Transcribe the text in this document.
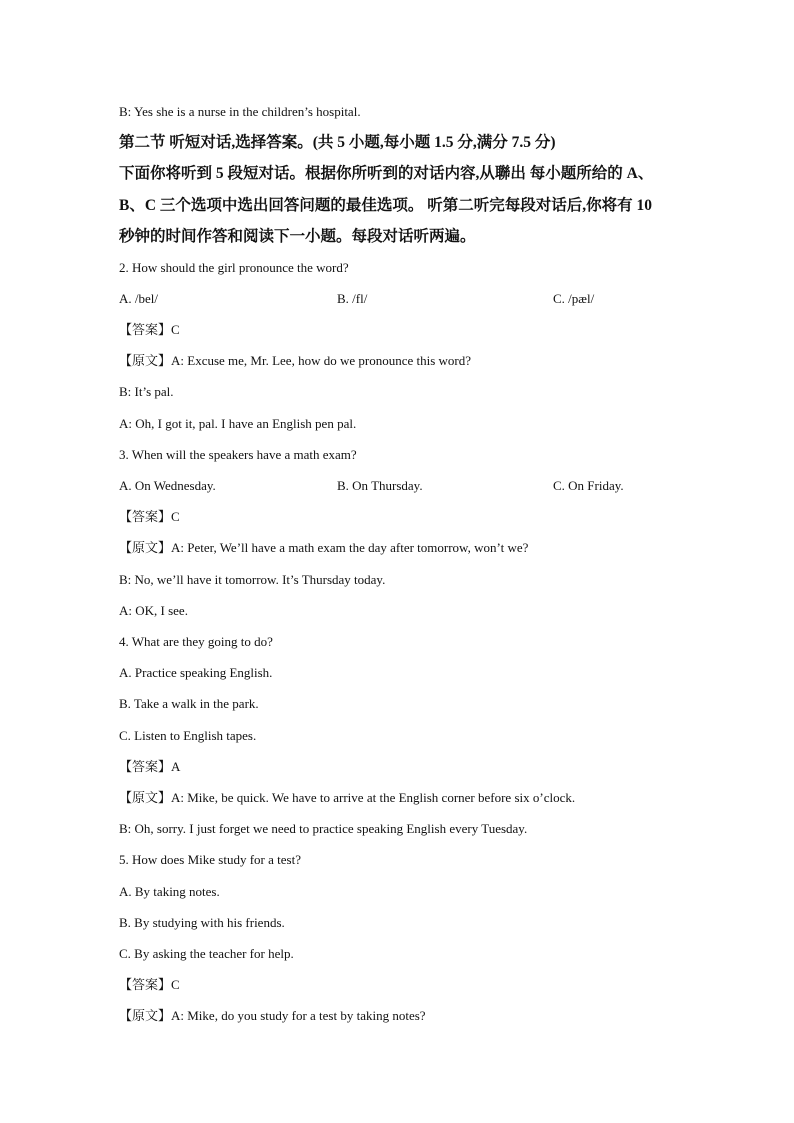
B: Yes she is a nurse in the children’s hospital.
第二节 听短对话,选择答案。(共 5 小题,每小题 1.5 分,满分 7.5 分)
下面你将听到 5 段短对话。根据你所听到的对话内容,从聯出 每小题所给的 A、
B、C 三个选项中选出回答问题的最佳选项。 听第二听完每段对话后,你将有 10
秒钟的时间作答和阅读下一小题。每段对话听两遍。
2. How should the girl pronounce the word?
A. /bel/	B. /fl/	C. /pæl/
【答案】C
【原文】A: Excuse me, Mr. Lee, how do we pronounce this word?
B: It’s pal.
A: Oh, I got it, pal. I have an English pen pal.
3. When will the speakers have a math exam?
A. On Wednesday.	B. On Thursday.	C. On Friday.
【答案】C
【原文】A: Peter, We’ll have a math exam the day after tomorrow, won’t we?
B: No, we’ll have it tomorrow. It’s Thursday today.
A: OK, I see.
4. What are they going to do?
A. Practice speaking English.
B. Take a walk in the park.
C. Listen to English tapes.
【答案】A
【原文】A: Mike, be quick. We have to arrive at the English corner before six o’clock.
B: Oh, sorry. I just forget we need to practice speaking English every Tuesday.
5. How does Mike study for a test?
A. By taking notes.
B. By studying with his friends.
C. By asking the teacher for help.
【答案】C
【原文】A: Mike, do you study for a test by taking notes?
